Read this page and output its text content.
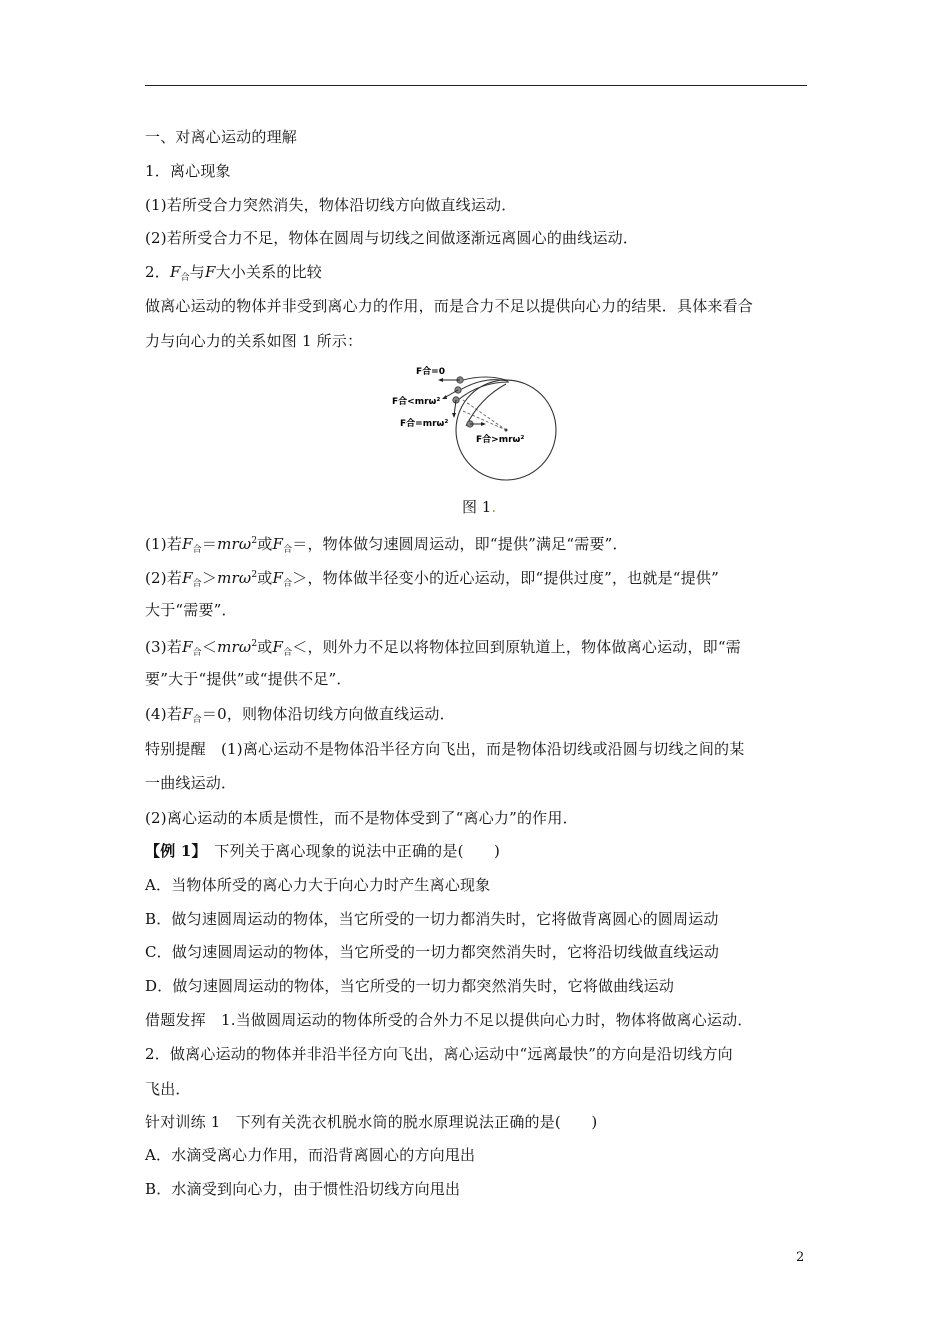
一、对离心运动的理解
1．离心现象
(1)若所受合力突然消失，物体沿切线方向做直线运动．
(2)若所受合力不足，物体在圆周与切线之间做逐渐远离圆心的曲线运动．
2．$F_合$与F大小关系的比较
做离心运动的物体并非受到离心力的作用，而是合力不足以提供向心力的结果．具体来看合
力与向心力的关系如图 1 所示：
F合=0
F合<mrω²
F合=mrω²
F合>mrω²
图 1.
(1)若$F_合=mr\omega^2$或$F_合=$，物体做匀速圆周运动，即“提供”满足“需要”．
(2)若$F_合>mr\omega^2$或$F_合>$，物体做半径变小的近心运动，即“提供过度”，也就是“提供”
大于“需要”．
(3)若$F_合<mr\omega^2$或$F_合<$，则外力不足以将物体拉回到原轨道上，物体做离心运动，即“需
要”大于“提供”或“提供不足”．
(4)若$F_合=0$，则物体沿切线方向做直线运动．
特别提醒　(1)离心运动不是物体沿半径方向飞出，而是物体沿切线或沿圆与切线之间的某
一曲线运动．
(2)离心运动的本质是惯性，而不是物体受到了“离心力”的作用．
【例 1】　下列关于离心现象的说法中正确的是(　　)
A．当物体所受的离心力大于向心力时产生离心现象
B．做匀速圆周运动的物体，当它所受的一切力都消失时，它将做背离圆心的圆周运动
C．做匀速圆周运动的物体，当它所受的一切力都突然消失时，它将沿切线做直线运动
D．做匀速圆周运动的物体，当它所受的一切力都突然消失时，它将做曲线运动
借题发挥　1.当做圆周运动的物体所受的合外力不足以提供向心力时，物体将做离心运动．
2．做离心运动的物体并非沿半径方向飞出，离心运动中“远离最快”的方向是沿切线方向
飞出．
针对训练 1　下列有关洗衣机脱水筒的脱水原理说法正确的是(　　)
A．水滴受离心力作用，而沿背离圆心的方向甩出
B．水滴受到向心力，由于惯性沿切线方向甩出
2
